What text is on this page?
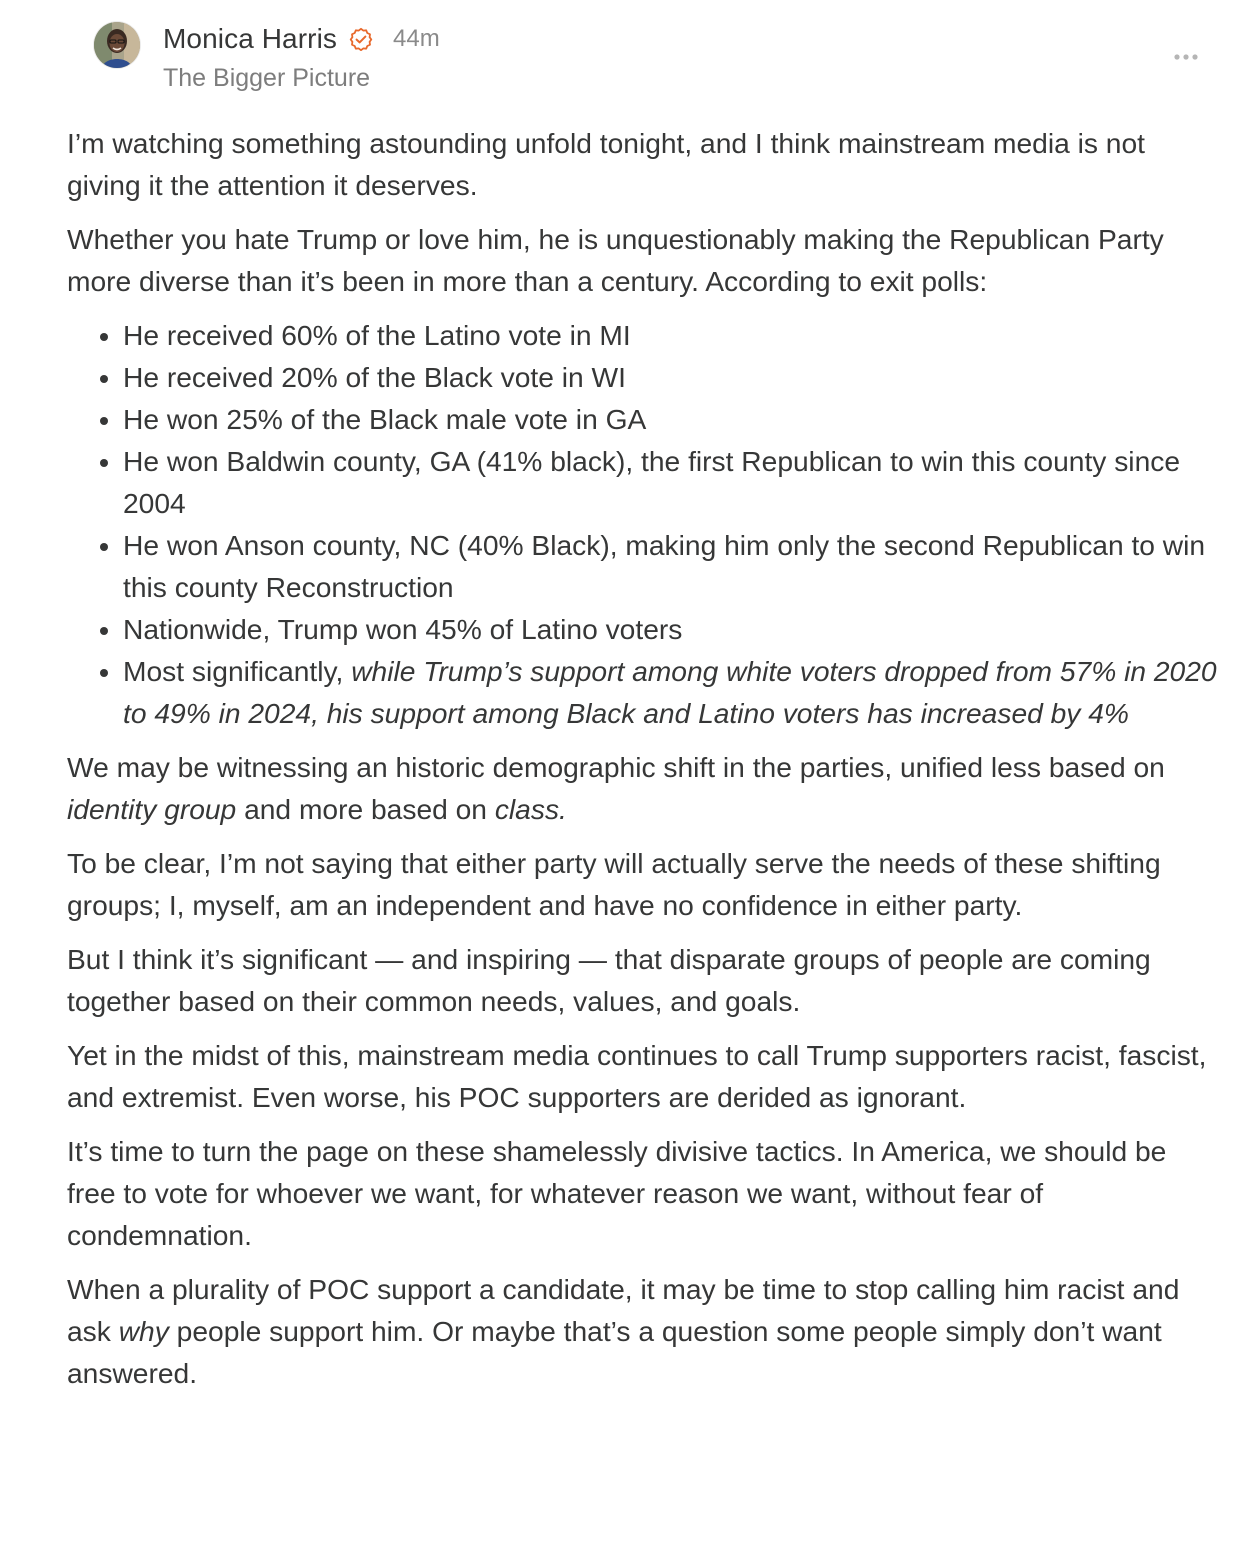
Monica Harris 44m
The Bigger Picture

I’m watching something astounding unfold tonight, and I think mainstream media is not giving it the attention it deserves.

Whether you hate Trump or love him, he is unquestionably making the Republican Party more diverse than it’s been in more than a century. According to exit polls:

• He received 60% of the Latino vote in MI
• He received 20% of the Black vote in WI
• He won 25% of the Black male vote in GA
• He won Baldwin county, GA (41% black), the first Republican to win this county since 2004
• He won Anson county, NC (40% Black), making him only the second Republican to win this county Reconstruction
• Nationwide, Trump won 45% of Latino voters
• Most significantly, while Trump’s support among white voters dropped from 57% in 2020 to 49% in 2024, his support among Black and Latino voters has increased by 4%

We may be witnessing an historic demographic shift in the parties, unified less based on identity group and more based on class.

To be clear, I’m not saying that either party will actually serve the needs of these shifting groups; I, myself, am an independent and have no confidence in either party.

But I think it’s significant — and inspiring — that disparate groups of people are coming together based on their common needs, values, and goals.

Yet in the midst of this, mainstream media continues to call Trump supporters racist, fascist, and extremist. Even worse, his POC supporters are derided as ignorant.

It’s time to turn the page on these shamelessly divisive tactics. In America, we should be free to vote for whoever we want, for whatever reason we want, without fear of condemnation.

When a plurality of POC support a candidate, it may be time to stop calling him racist and ask why people support him. Or maybe that’s a question some people simply don’t want answered.
